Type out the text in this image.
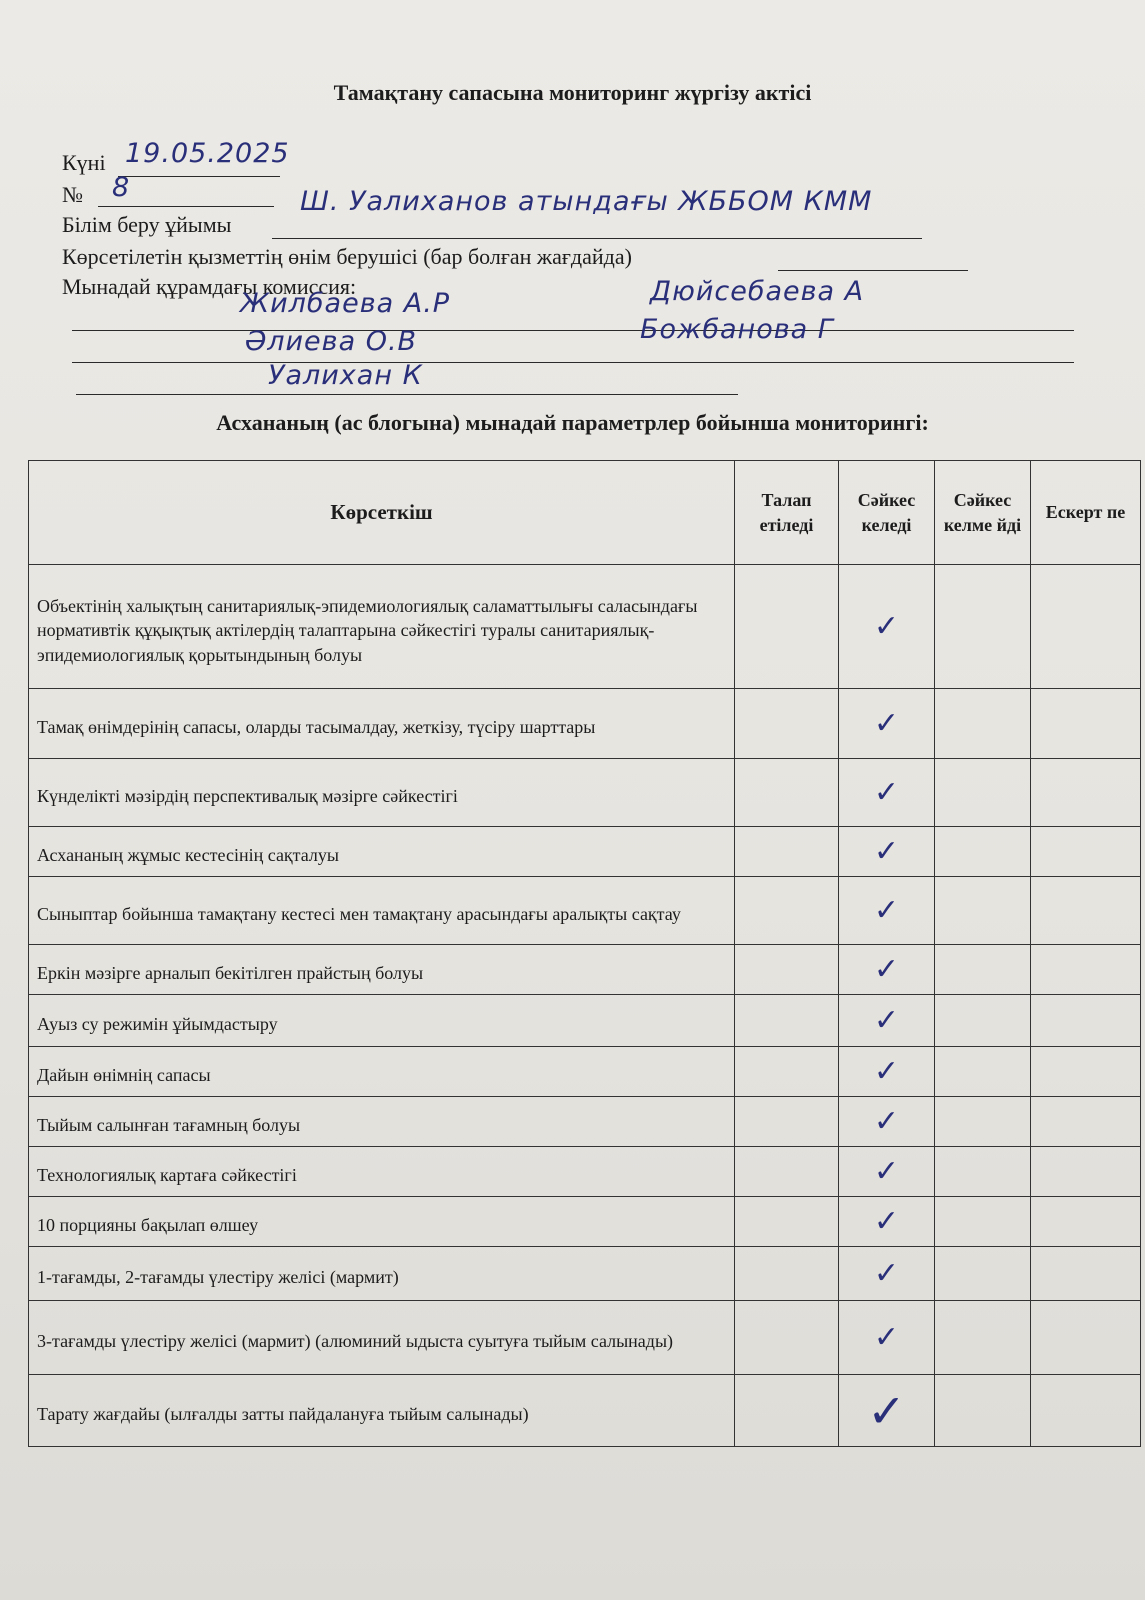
Тамақтану сапасына мониторинг жүргізу актісі
Күні 19.05.2025
№ 8
Білім беру ұйымы
Ш. Уалиханов атындағы ЖББОМ КММ
Көрсетілетін қызметтің өнім берушісі (бар болған жағдайда)
Мынадай құрамдағы комиссия:
Жилбаева А.Р	Дюйсебаева А
Әлиева О.В	Божбанова Г
Уалихан К
Асхананың (ас блогына) мынадай параметрлер бойынша мониторингі:
Көрсеткіш	Талап етіледі	Сәйкес келеді	Сәйкес келме йді	Ескерт пе
Объектінің халықтың санитариялық-эпидемиологиялық саламаттылығы саласындағы нормативтік құқықтық актілердің талаптарына сәйкестігі туралы санитариялық-эпидемиологиялық қорытындының болуы		✓		

Тамақ өнімдерінің сапасы, оларды тасымалдау, жеткізу, түсіру шарттары		✓		

Күнделікті мәзірдің перспективалық мәзірге сәйкестігі		✓		

Асхананың жұмыс кестесінің сақталуы		✓		

Сыныптар бойынша тамақтану кестесі мен тамақтану арасындағы аралықты сақтау		✓		

Еркін мәзірге арналып бекітілген прайстың болуы		✓		

Ауыз су режимін ұйымдастыру		✓		

Дайын өнімнің сапасы		✓		

Тыйым салынған тағамның болуы		✓		

Технологиялық картаға сәйкестігі		✓		

10 порцияны бақылап өлшеу		✓		

1-тағамды, 2-тағамды үлестіру желісі (мармит)		✓		

3-тағамды үлестіру желісі (мармит) (алюминий ыдыста суытуға тыйым салынады)		✓		

Тарату жағдайы (ылғалды затты пайдалануға тыйым салынады)		✓		
